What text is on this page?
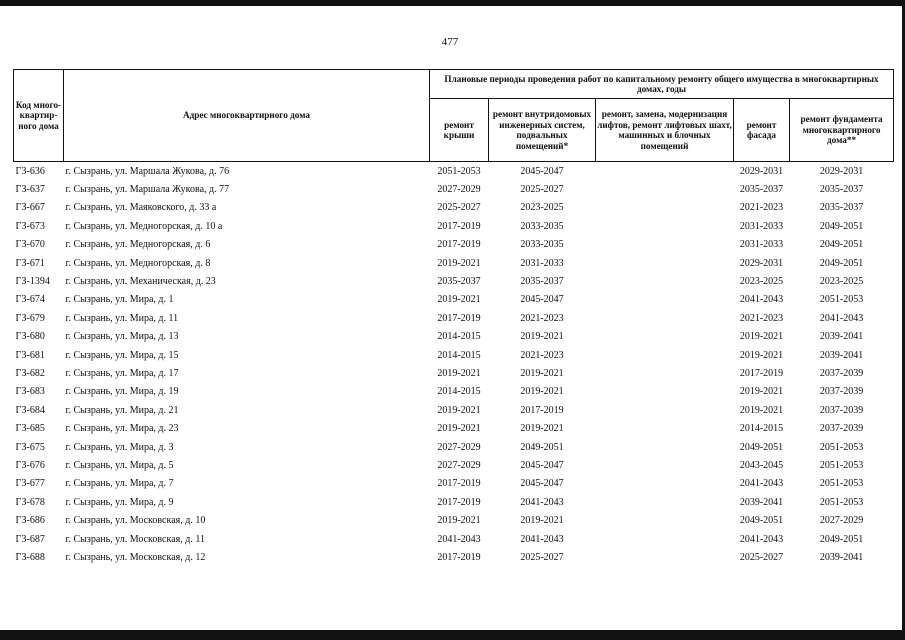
477
Код много-квартир-ного дома	Адрес многоквартирного дома	Плановые периоды проведения работ по капитальному ремонту общего имущества в многоквартирных домах, годы				
		ремонт крыши	ремонт внутридомовых инженерных систем, подвальных помещений*	ремонт, замена, модернизация лифтов, ремонт лифтовых шахт, машинных и блочных помещений	ремонт фасада	ремонт фундамента многоквартирного дома**
ГЗ-636	г. Сызрань, ул. Маршала Жукова, д. 76	2051-2053	2045-2047		2029-2031	2029-2031
ГЗ-637	г. Сызрань, ул. Маршала Жукова, д. 77	2027-2029	2025-2027		2035-2037	2035-2037
ГЗ-667	г. Сызрань, ул. Маяковского, д. 33 а	2025-2027	2023-2025		2021-2023	2035-2037
ГЗ-673	г. Сызрань, ул. Медногорская, д. 10 а	2017-2019	2033-2035		2031-2033	2049-2051
ГЗ-670	г. Сызрань, ул. Медногорская, д. 6	2017-2019	2033-2035		2031-2033	2049-2051
ГЗ-671	г. Сызрань, ул. Медногорская, д. 8	2019-2021	2031-2033		2029-2031	2049-2051
ГЗ-1394	г. Сызрань, ул. Механическая, д. 23	2035-2037	2035-2037		2023-2025	2023-2025
ГЗ-674	г. Сызрань, ул. Мира, д. 1	2019-2021	2045-2047		2041-2043	2051-2053
ГЗ-679	г. Сызрань, ул. Мира, д. 11	2017-2019	2021-2023		2021-2023	2041-2043
ГЗ-680	г. Сызрань, ул. Мира, д. 13	2014-2015	2019-2021		2019-2021	2039-2041
ГЗ-681	г. Сызрань, ул. Мира, д. 15	2014-2015	2021-2023		2019-2021	2039-2041
ГЗ-682	г. Сызрань, ул. Мира, д. 17	2019-2021	2019-2021		2017-2019	2037-2039
ГЗ-683	г. Сызрань, ул. Мира, д. 19	2014-2015	2019-2021		2019-2021	2037-2039
ГЗ-684	г. Сызрань, ул. Мира, д. 21	2019-2021	2017-2019		2019-2021	2037-2039
ГЗ-685	г. Сызрань, ул. Мира, д. 23	2019-2021	2019-2021		2014-2015	2037-2039
ГЗ-675	г. Сызрань, ул. Мира, д. 3	2027-2029	2049-2051		2049-2051	2051-2053
ГЗ-676	г. Сызрань, ул. Мира, д. 5	2027-2029	2045-2047		2043-2045	2051-2053
ГЗ-677	г. Сызрань, ул. Мира, д. 7	2017-2019	2045-2047		2041-2043	2051-2053
ГЗ-678	г. Сызрань, ул. Мира, д. 9	2017-2019	2041-2043		2039-2041	2051-2053
ГЗ-686	г. Сызрань, ул. Московская, д. 10	2019-2021	2019-2021		2049-2051	2027-2029
ГЗ-687	г. Сызрань, ул. Московская, д. 11	2041-2043	2041-2043		2041-2043	2049-2051
ГЗ-688	г. Сызрань, ул. Московская, д. 12	2017-2019	2025-2027		2025-2027	2039-2041
